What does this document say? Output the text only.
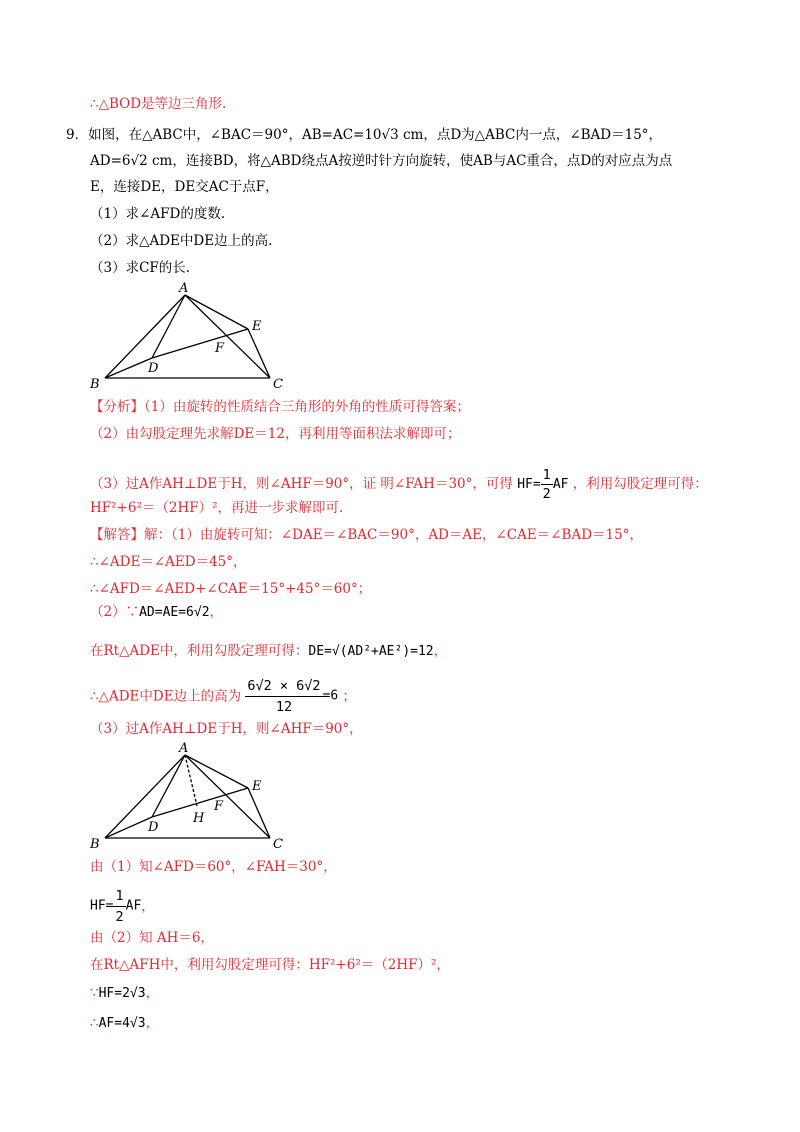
∴△BOD是等边三角形.
9．如图，在△ABC中，∠BAC＝90°，AB=AC=10√3 cm，点D为△ABC内一点，∠BAD＝15°，
AD=6√2 cm，连接BD，将△ABD绕点A按逆时针方向旋转，使AB与AC重合，点D的对应点为点
E，连接DE，DE交AC于点F，
（1）求∠AFD的度数.
（2）求△ADE中DE边上的高.
（3）求CF的长.
A
B	C
D
E
F
【分析】（1）由旋转的性质结合三角形的外角的性质可得答案；
（2）由勾股定理先求解DE＝12，再利用等面积法求解即可；
（3）过A作AH⊥DE于H，则∠AHF＝90°，证 明∠FAH＝30°，可得 $HF= \frac{1}{2}$ AF ，利用勾股定理可得：
HF²+6²＝（2HF）²，再进一步求解即可.
【解答】解：（1）由旋转可知：∠DAE＝∠BAC＝90°，AD＝AE，∠CAE＝∠BAD＝15°，
∴∠ADE＝∠AED＝45°，
∴∠AFD＝∠AED+∠CAE＝15°+45°＝60°；
（2）∵AD=AE=6√2，
在Rt△ADE中，利用勾股定理可得：DE=√(AD²+AE²)=12，
∴△ADE中DE边上的高为 $\frac{6√2 \times 6√2}{12} =6$ ；
（3）过A作AH⊥DE于H，则∠AHF＝90°，
A
B	C
D
E
F
H
由（1）知∠AFD＝60°，∠FAH＝30°，
$HF= \frac{1}{2}$ AF，
由（2）知 AH＝6，
在Rt△AFH中，利用勾股定理可得：HF²+6²＝（2HF）²，
∵HF=2√3，
∴AF=4√3，
